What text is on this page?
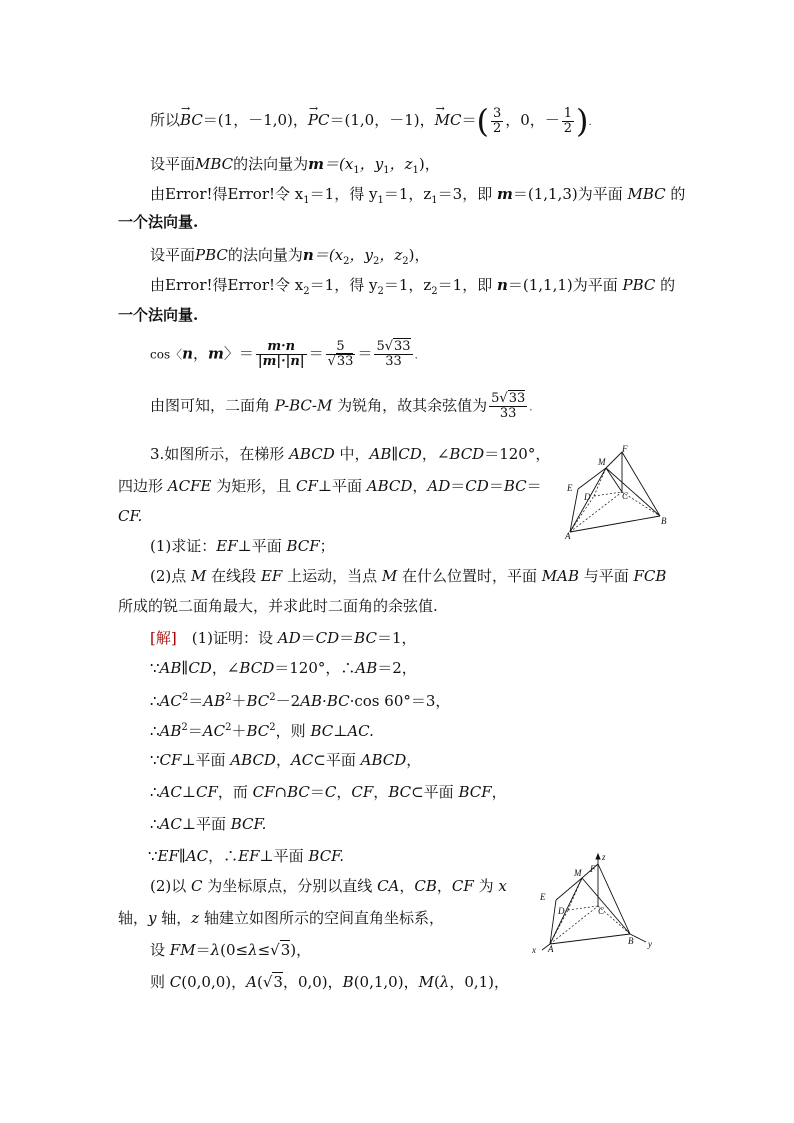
所以→ BC＝(1，－1,0)，→ PC＝(1,0，－1)，→ $MC=( \frac{3}{2}$ ，0，－ $\frac{1}{2}$ ).
设平面MBC的法向量为$m=(x_1$，$y_1$，$z_1$)，
由Error!得Error!令 $x_1=1$，得 $y_1=1$，$z_1=3$，即 m＝(1,1,3)为平面 MBC 的
一个法向量.
设平面PBC的法向量为$n=(x_2$，$y_2$，$z_2$)，
由Error!得Error!令 $x_2=1$，得 $y_2=1$，$z_2=1$，即 n＝(1,1,1)为平面 PBC 的
一个法向量.
cos〈n，m〉＝ $\frac{m\cdot n}{|m|\cdot|n|} = \frac{5}{√33} = \frac{5√33}{33}$ .
由图可知，二面角 P-BC-M 为锐角，故其余弦值为 $\frac{5√33}{33}$ .
3.如图所示，在梯形 ABCD 中，AB∥CD，∠BCD＝120°，
四边形 ACFE 为矩形，且 CF⊥平面 ABCD，AD＝CD＝BC＝
CF.
M
F
E
D	C
B
A
(1)求证：EF⊥平面 BCF；
(2)点 M 在线段 EF 上运动，当点 M 在什么位置时，平面 MAB 与平面 FCB
所成的锐二面角最大，并求此时二面角的余弦值.
[解]　(1)证明：设 AD＝CD＝BC＝1，
∵AB∥CD，∠BCD＝120°，∴AB＝2，
$\therefore AC^2=AB^2+BC^2-2AB\cdot BC\cdot\cos$ 60°＝3，
$\therefore AB^2=AC^2+BC^2$，则 BC⊥AC.
∵CF⊥平面 ABCD，AC⊂平面 ABCD，
∴AC⊥CF，而 CF∩BC＝C，CF，BC⊂平面 BCF，
∴AC⊥平面 BCF.
∵EF∥AC，∴EF⊥平面 BCF.
(2)以 C 为坐标原点，分别以直线 CA，CB，CF 为 x
轴，y 轴，z 轴建立如图所示的空间直角坐标系，
设 FM＝λ(0≤λ≤√3)，
则 C(0,0,0)，A(√3，0,0)，B(0,1,0)，M(λ，0,1)，
z
M F
E
D	C
B
A
x
y
